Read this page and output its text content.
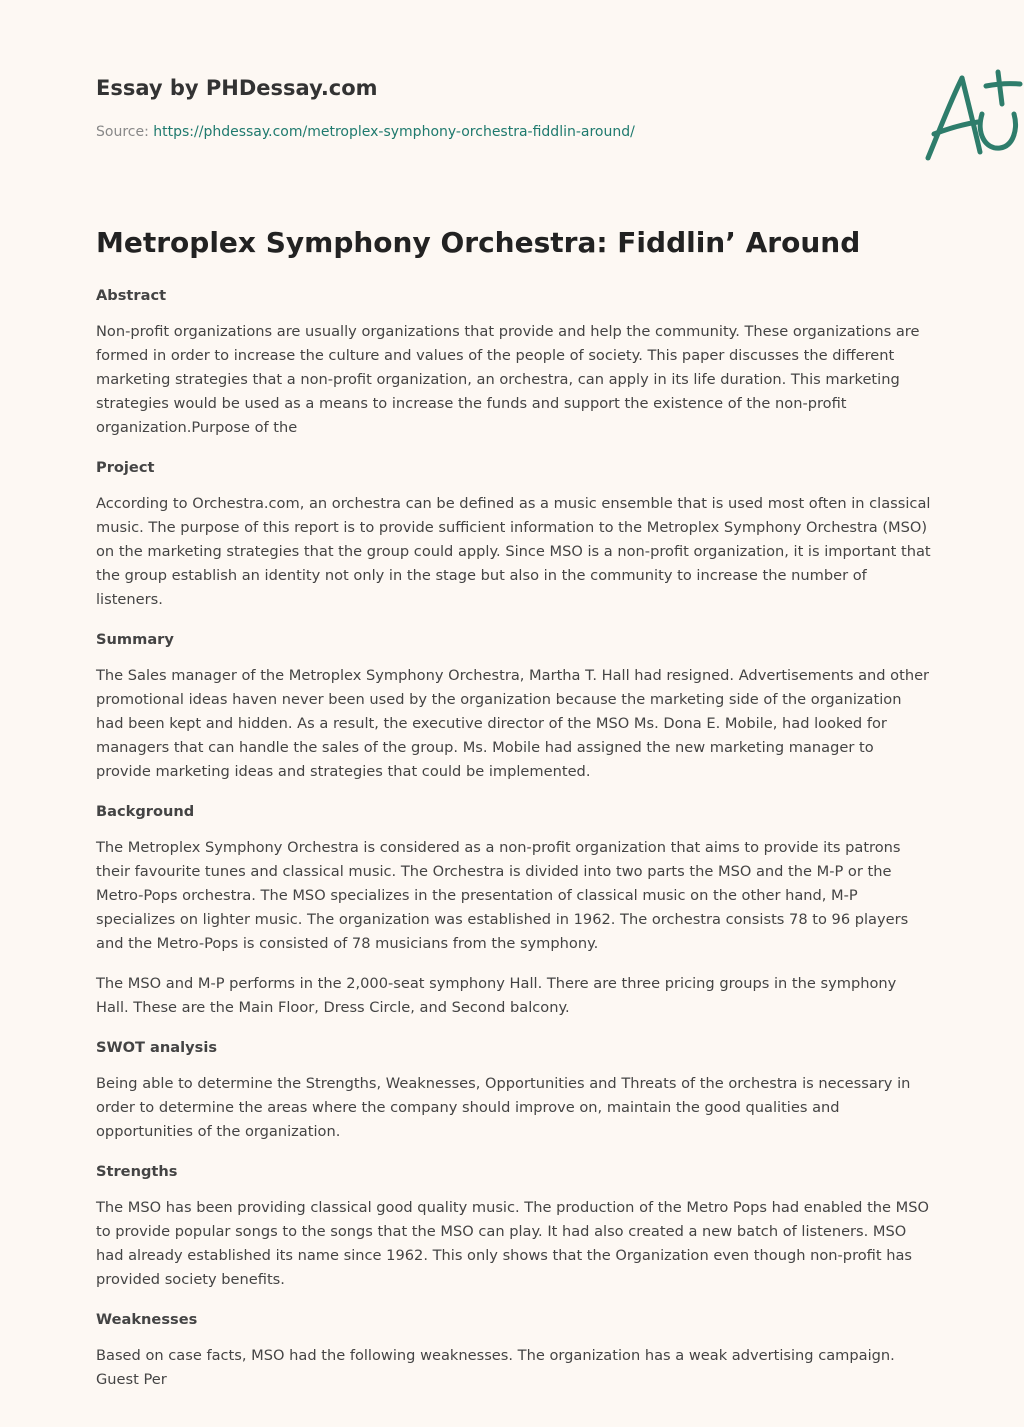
Essay by PHDessay.com
Source: https://phdessay.com/metroplex-symphony-orchestra-fiddlin-around/
Metroplex Symphony Orchestra: Fiddlin’ Around
Abstract

Non-profit organizations are usually organizations that provide and help the community. These organizations are formed in order to increase the culture and values of the people of society. This paper discusses the different marketing strategies that a non-profit organization, an orchestra, can apply in its life duration. This marketing strategies would be used as a means to increase the funds and support the existence of the non-profit organization.Purpose of the

Project

According to Orchestra.com, an orchestra can be defined as a music ensemble that is used most often in classical music. The purpose of this report is to provide sufficient information to the Metroplex Symphony Orchestra (MSO) on the marketing strategies that the group could apply. Since MSO is a non-profit organization, it is important that the group establish an identity not only in the stage but also in the community to increase the number of listeners.

Summary

The Sales manager of the Metroplex Symphony Orchestra, Martha T. Hall had resigned. Advertisements and other promotional ideas haven never been used by the organization because the marketing side of the organization had been kept and hidden. As a result, the executive director of the MSO Ms. Dona E. Mobile, had looked for managers that can handle the sales of the group. Ms. Mobile had assigned the new marketing manager to provide marketing ideas and strategies that could be implemented.

Background

The Metroplex Symphony Orchestra is considered as a non-profit organization that aims to provide its patrons their favourite tunes and classical music. The Orchestra is divided into two parts the MSO and the M-P or the Metro-Pops orchestra. The MSO specializes in the presentation of classical music on the other hand, M-P specializes on lighter music. The organization was established in 1962. The orchestra consists 78 to 96 players and the Metro-Pops is consisted of 78 musicians from the symphony.

The MSO and M-P performs in the 2,000-seat symphony Hall. There are three pricing groups in the symphony Hall. These are the Main Floor, Dress Circle, and Second balcony.

SWOT analysis

Being able to determine the Strengths, Weaknesses, Opportunities and Threats of the orchestra is necessary in order to determine the areas where the company should improve on, maintain the good qualities and opportunities of the organization.

Strengths

The MSO has been providing classical good quality music. The production of the Metro Pops had enabled the MSO to provide popular songs to the songs that the MSO can play. It had also created a new batch of listeners. MSO had already established its name since 1962. This only shows that the Organization even though non-profit has provided society benefits.

Weaknesses

Based on case facts, MSO had the following weaknesses. The organization has a weak advertising campaign. Guest Per
